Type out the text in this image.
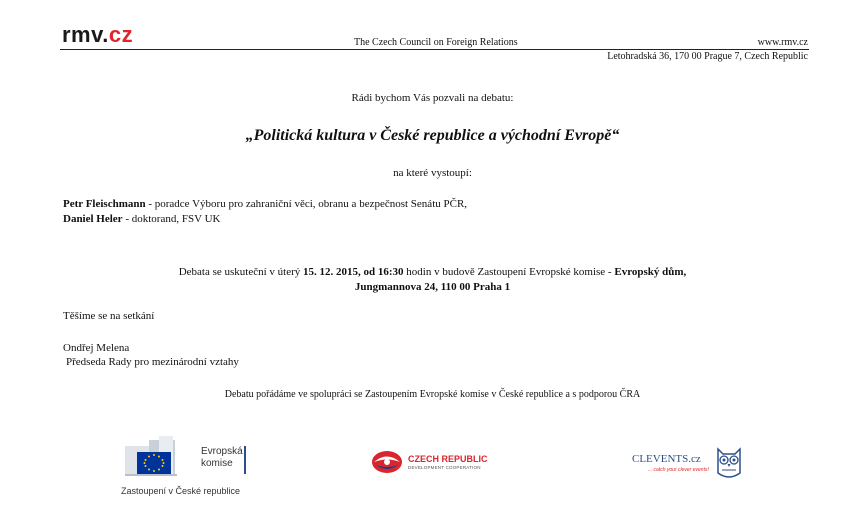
rmv.cz	The Czech Council on Foreign Relations	www.rmv.cz
Letohradská 36, 170 00 Prague 7, Czech Republic
Rádi bychom Vás pozvali na debatu:
„Politická kultura v České republice a východní Evropě“
na které vystoupí:
Petr Fleischmann - poradce Výboru pro zahraniční věci, obranu a bezpečnost Senátu PČR,
Daniel Heler - doktorand, FSV UK
Debata se uskuteční v úterý 15. 12. 2015, od 16:30 hodin v budově Zastoupení Evropské komise - Evropský dům,
Jungmannova 24, 110 00 Praha 1
Těšíme se na setkání
Ondřej Melena
Předseda Rady pro mezinárodní vztahy
Debatu pořádáme ve spolupráci se Zastoupením Evropské komise v České republice a s podporou ČRA
Evropská
komise
Zastoupení v České republice
CZECH REPUBLIC
DEVELOPMENT COOPERATION
CLEVENTS.cz
... catch your clever events!
